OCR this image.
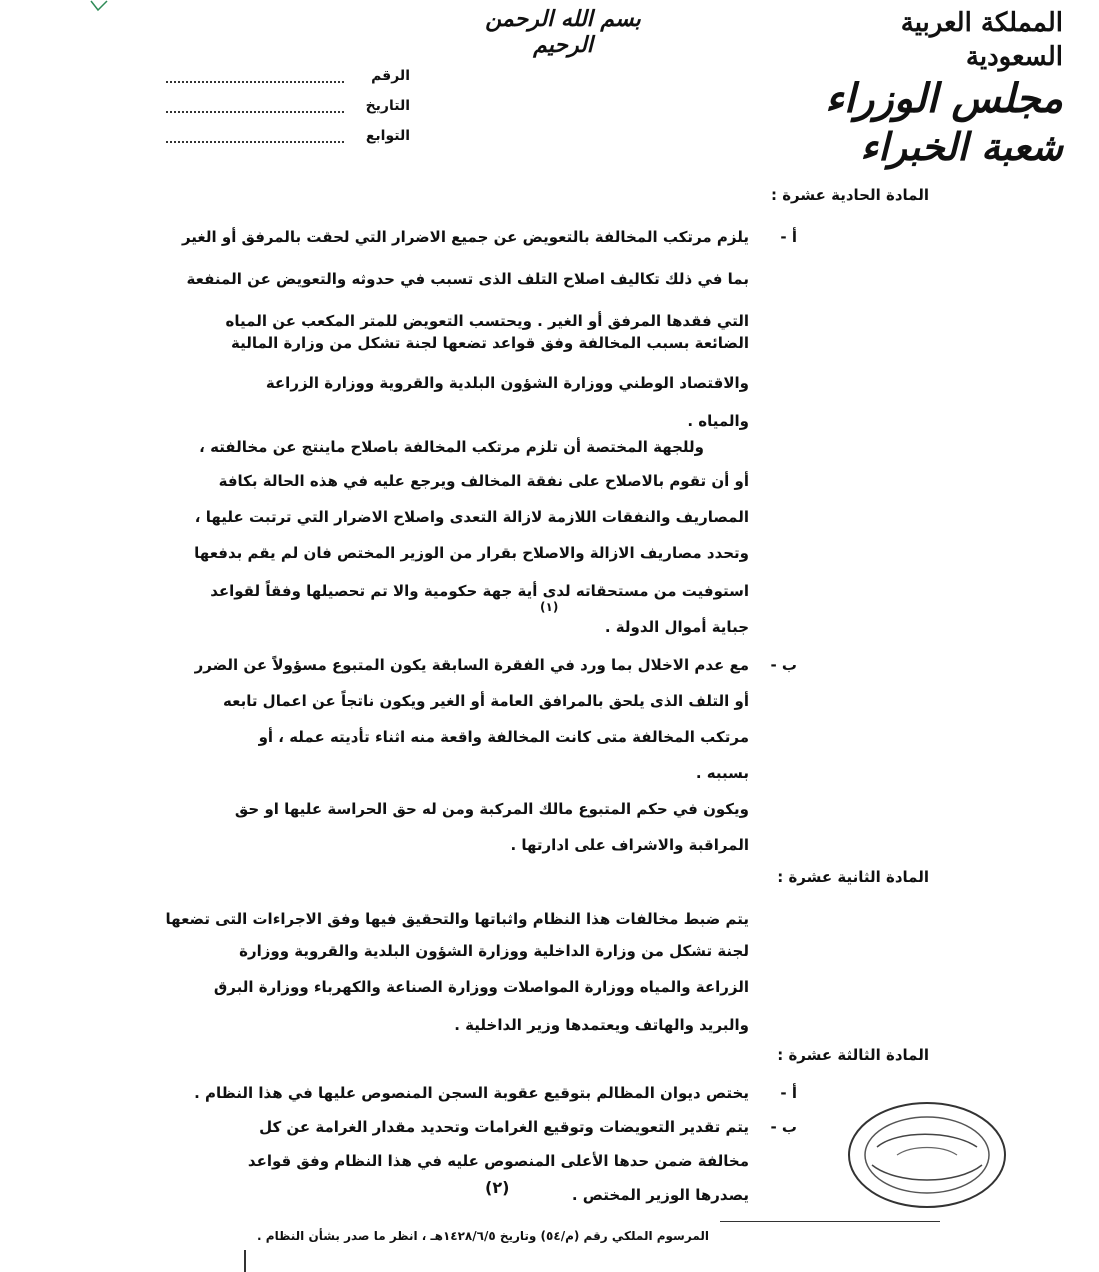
بسم الله الرحمن الرحيم
المملكة العربية السعودية
مجلس الوزراء
شعبة الخبراء
الرقم
التاريخ
التوابع
المادة الحادية عشرة :
أ -
يلزم مرتكب المخالفة بالتعويض عن جميع الاضرار التي لحقت بالمرفق أو الغير
بما في ذلك تكاليف اصلاح التلف الذى تسبب في حدوثه والتعويض عن المنفعة
التي فقدها المرفق أو الغير . ويحتسب التعويض للمتر المكعب عن المياه
الضائعة بسبب المخالفة وفق قواعد تضعها لجنة تشكل من وزارة المالية
والاقتصاد الوطني ووزارة الشؤون البلدية والقروية ووزارة الزراعة
والمياه .
وللجهة المختصة أن تلزم مرتكب المخالفة باصلاح ماينتج عن مخالفته ،
أو أن تقوم بالاصلاح على نفقة المخالف ويرجع عليه في هذه الحالة بكافة
المصاريف والنفقات اللازمة لازالة التعدى واصلاح الاضرار التي ترتبت عليها ،
وتحدد مصاريف الازالة والاصلاح بقرار من الوزير المختص فان لم يقم بدفعها
استوفيت من مستحقاته لدى أية جهة حكومية والا تم تحصيلها وفقاً لقواعد
جباية أموال الدولة .
(١)
ب -
مع عدم الاخلال بما ورد في الفقرة السابقة يكون المتبوع مسؤولاً عن الضرر
أو التلف الذى يلحق بالمرافق العامة أو الغير ويكون ناتجاً عن اعمال تابعه
مرتكب المخالفة متى كانت المخالفة واقعة منه اثناء تأديته عمله ، أو
بسببه .
ويكون في حكم المتبوع مالك المركبة ومن له حق الحراسة عليها او حق
المراقبة والاشراف على ادارتها .
المادة الثانية عشرة :
يتم ضبط مخالفات هذا النظام واثباتها والتحقيق فيها وفق الاجراءات التى تضعها
لجنة تشكل من وزارة الداخلية ووزارة الشؤون البلدية والقروية ووزارة
الزراعة والمياه ووزارة المواصلات ووزارة الصناعة والكهرباء ووزارة البرق
والبريد والهاتف ويعتمدها وزير الداخلية .
المادة الثالثة عشرة :
أ -
يختص ديوان المظالم بتوقيع عقوبة السجن المنصوص عليها في هذا النظام .
ب -
يتم تقدير التعويضات وتوقيع الغرامات وتحديد مقدار الغرامة عن كل
مخالفة ضمن حدها الأعلى المنصوص عليه في هذا النظام وفق قواعد
يصدرها الوزير المختص .
(٢)
المرسوم الملكي رقم (م/٥٤) وتاريخ ١٤٢٨/٦/٥هـ ، انظر ما صدر بشأن النظام .
